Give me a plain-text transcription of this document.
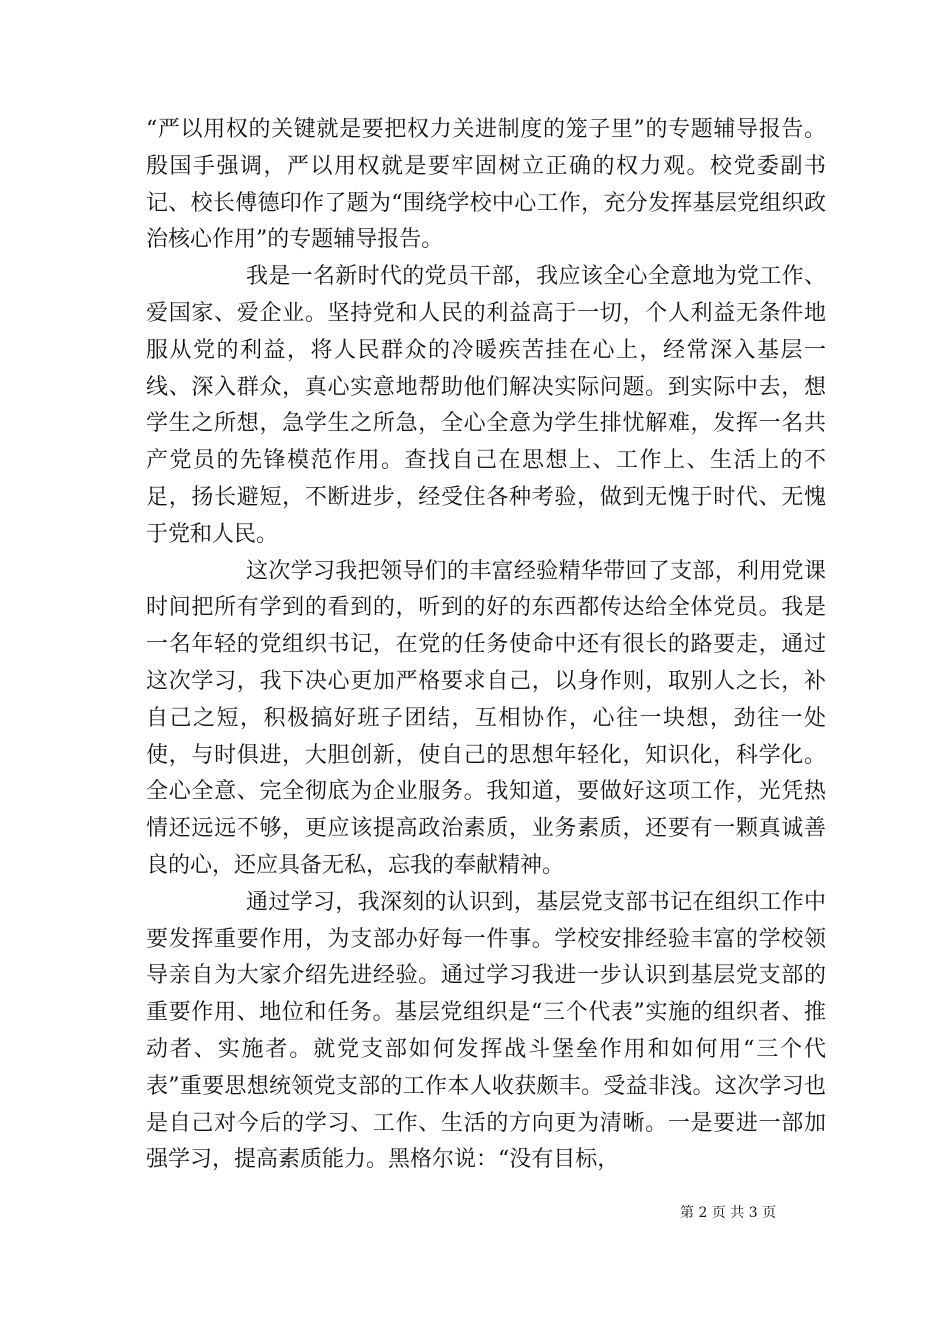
“严以用权的关键就是要把权力关进制度的笼子里”的专题辅导报告。殷国手强调，严以用权就是要牢固树立正确的权力观。校党委副书记、校长傅德印作了题为“围绕学校中心工作，充分发挥基层党组织政治核心作用”的专题辅导报告。

我是一名新时代的党员干部，我应该全心全意地为党工作、爱国家、爱企业。坚持党和人民的利益高于一切，个人利益无条件地服从党的利益，将人民群众的冷暖疾苦挂在心上，经常深入基层一线、深入群众，真心实意地帮助他们解决实际问题。到实际中去，想学生之所想，急学生之所急，全心全意为学生排忧解难，发挥一名共产党员的先锋模范作用。查找自己在思想上、工作上、生活上的不足，扬长避短，不断进步，经受住各种考验，做到无愧于时代、无愧于党和人民。

这次学习我把领导们的丰富经验精华带回了支部，利用党课时间把所有学到的看到的，听到的好的东西都传达给全体党员。我是一名年轻的党组织书记，在党的任务使命中还有很长的路要走，通过这次学习，我下决心更加严格要求自己，以身作则，取别人之长，补自己之短，积极搞好班子团结，互相协作，心往一块想，劲往一处使，与时俱进，大胆创新，使自己的思想年轻化，知识化，科学化。全心全意、完全彻底为企业服务。我知道，要做好这项工作，光凭热情还远远不够，更应该提高政治素质，业务素质，还要有一颗真诚善良的心，还应具备无私，忘我的奉献精神。

通过学习，我深刻的认识到，基层党支部书记在组织工作中要发挥重要作用，为支部办好每一件事。学校安排经验丰富的学校领导亲自为大家介绍先进经验。通过学习我进一步认识到基层党支部的重要作用、地位和任务。基层党组织是“三个代表”实施的组织者、推动者、实施者。就党支部如何发挥战斗堡垒作用和如何用“三个代表”重要思想统领党支部的工作本人收获颇丰。受益非浅。这次学习也是自己对今后的学习、工作、生活的方向更为清晰。一是要进一部加强学习，提高素质能力。黑格尔说：“没有目标，

第 2 页 共 3 页
